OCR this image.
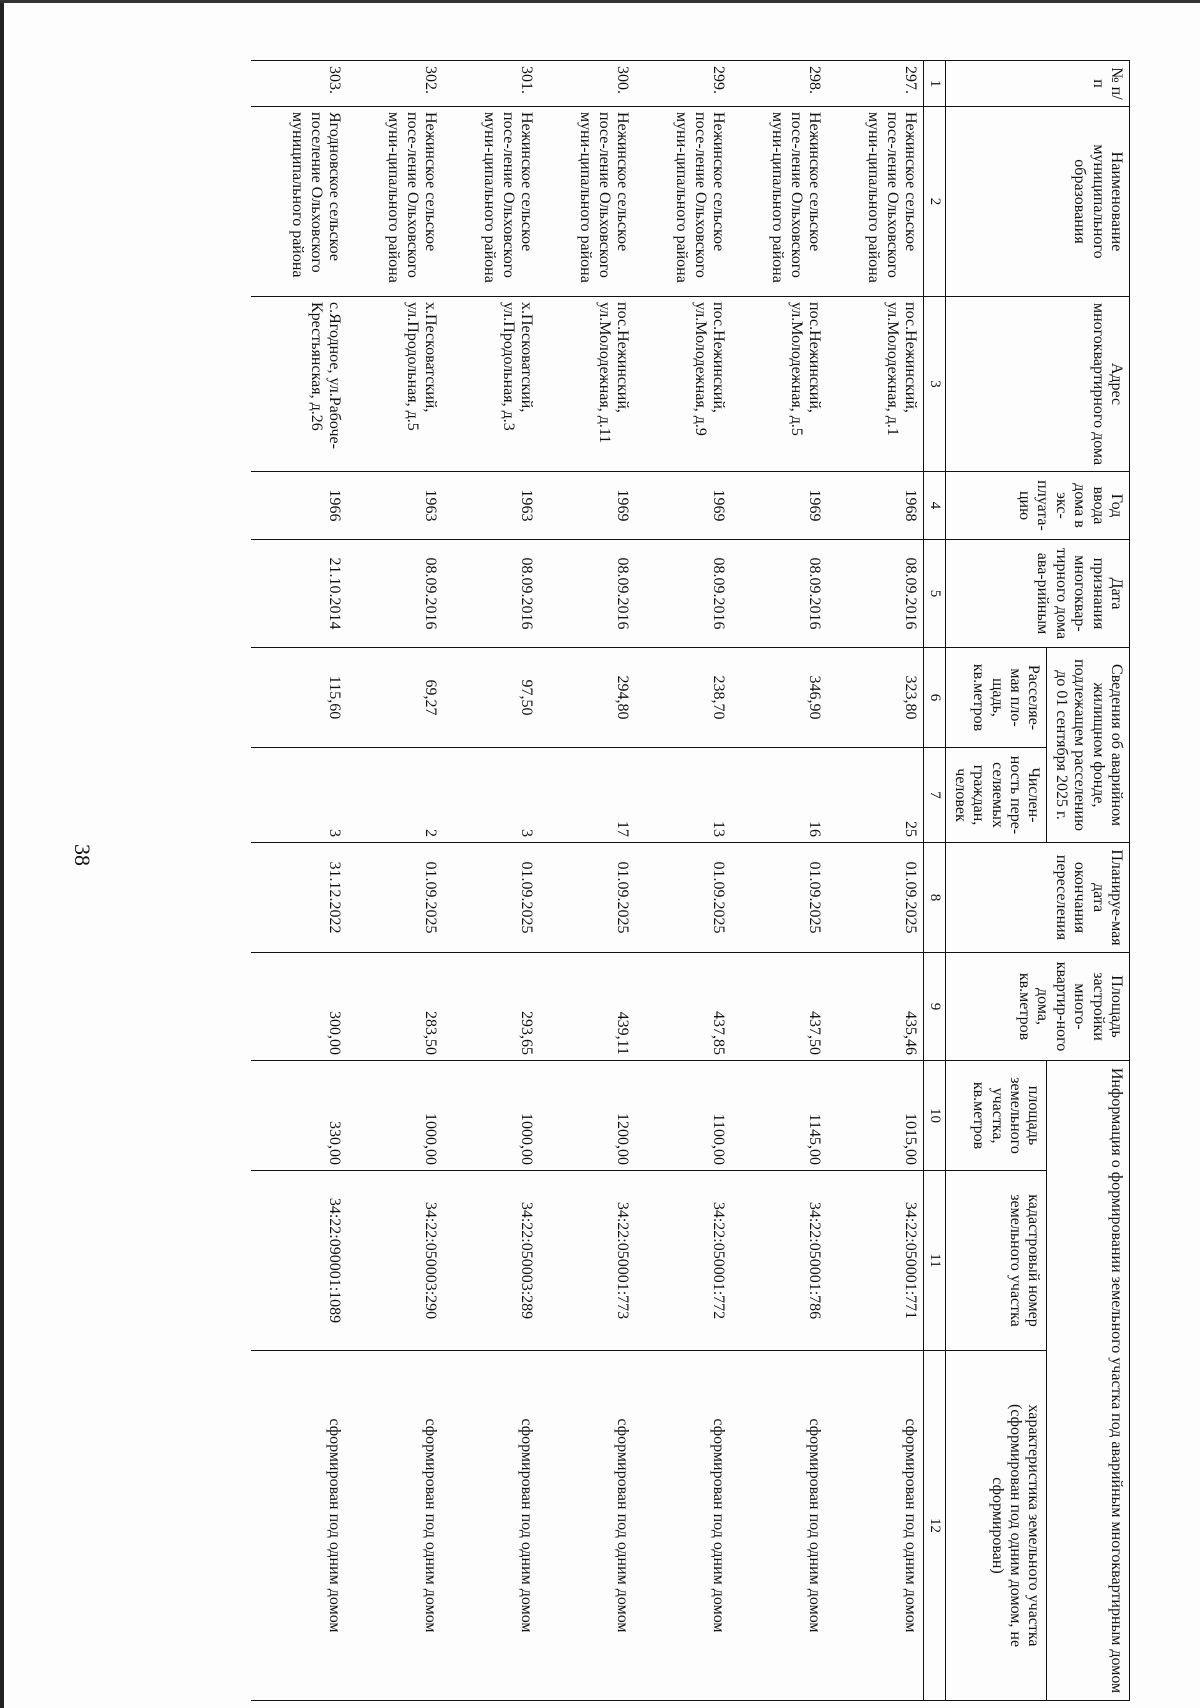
38
№ п/п	Наименование муниципального образования	Адрес многоквартирного дома	Год ввода дома в экс-плуата-цию	Дата признания многоквар-тирного дома ава-рийным	Сведения об аварийном жилищном фонде, подлежащем расселению до 01 сентября 2025 г.		Планируе-мая дата окончания переселения	Площадь застройки много-квартир-ного дома, кв.метров	Информация о формировании земельного участка под аварийным многоквартирным домом		
					Расселяе-мая пло-щадь, кв.метров	Числен-ность пере-селяемых граждан, человек			площадь земельного участка, кв.метров	кадастровый номер земельного участка	характеристика земельного участка (сформирован под одним домом, не сформирован)
1	2	3	4	5	6	7	8	9	10	11	12
297.	Нежинское сельское посе-ление Ольховского муни-ципального района	пос.Нежинский, ул.Молодежная, д.1	1968	08.09.2016	323,80	25	01.09.2025	435,46	1015,00	34:22:050001:771	сформирован под одним домом
298.	Нежинское сельское посе-ление Ольховского муни-ципального района	пос.Нежинский, ул.Молодежная, д.5	1969	08.09.2016	346,90	16	01.09.2025	437,50	1145,00	34:22:050001:786	сформирован под одним домом
299.	Нежинское сельское посе-ление Ольховского муни-ципального района	пос.Нежинский, ул.Молодежная, д.9	1969	08.09.2016	238,70	13	01.09.2025	437,85	1100,00	34:22:050001:772	сформирован под одним домом
300.	Нежинское сельское посе-ление Ольховского муни-ципального района	пос.Нежинский, ул.Молодежная, д.11	1969	08.09.2016	294,80	17	01.09.2025	439,11	1200,00	34:22:050001:773	сформирован под одним домом
301.	Нежинское сельское посе-ление Ольховского муни-ципального района	х.Песковатский, ул.Продольная, д.3	1963	08.09.2016	97,50	3	01.09.2025	293,65	1000,00	34:22:050003:289	сформирован под одним домом
302.	Нежинское сельское посе-ление Ольховского муни-ципального района	х.Песковатский, ул.Продольная, д.5	1963	08.09.2016	69,27	2	01.09.2025	283,50	1000,00	34:22:050003:290	сформирован под одним домом
303.	Ягодновское сельское поселение Ольховского муниципального района	с.Ягодное, ул.Рабоче-Крестьянская, д.26	1966	21.10.2014	115,60	3	31.12.2022	300,00	330,00	34:22:090001:1089	сформирован под одним домом
